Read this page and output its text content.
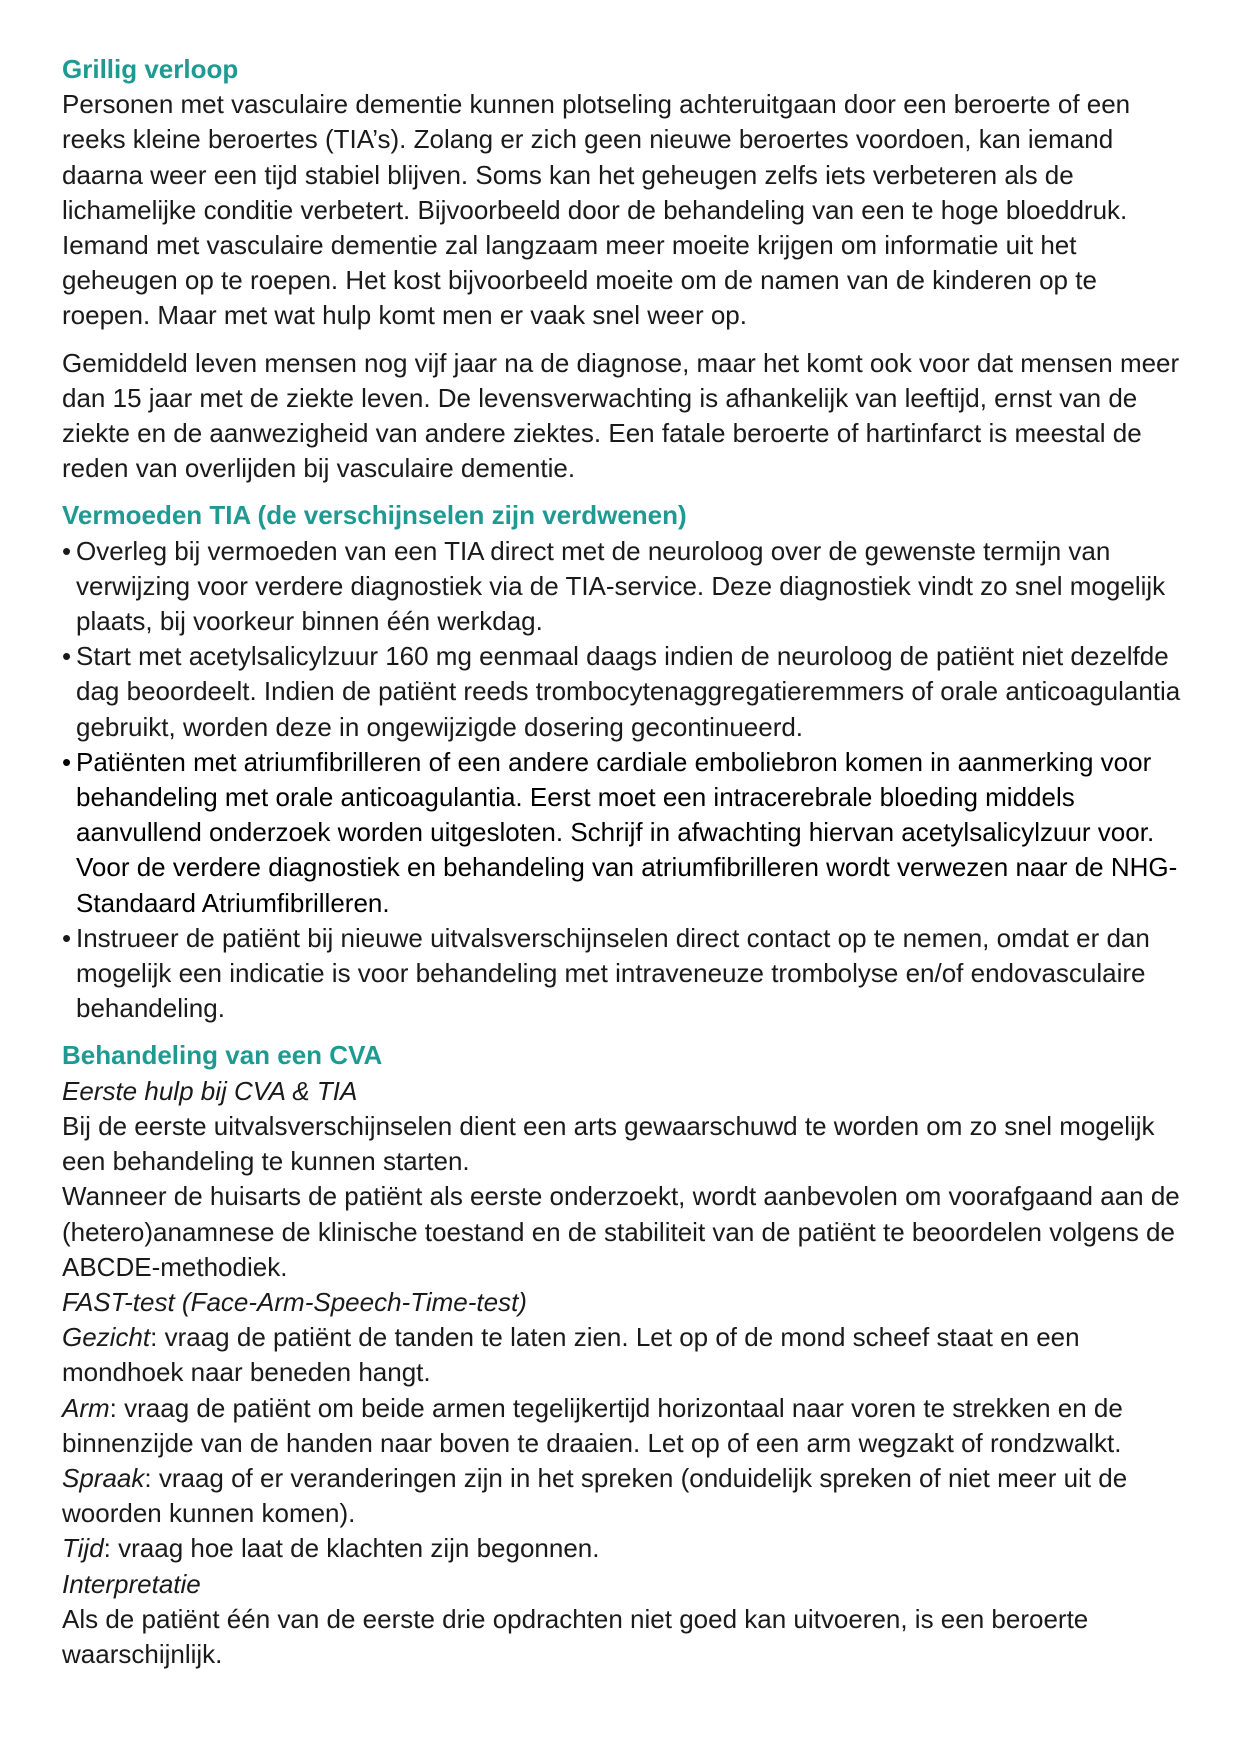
Grillig verloop

Personen met vasculaire dementie kunnen plotseling achteruitgaan door een beroerte of een reeks kleine beroertes (TIA’s). Zolang er zich geen nieuwe beroertes voordoen, kan iemand daarna weer een tijd stabiel blijven. Soms kan het geheugen zelfs iets verbeteren als de lichamelijke conditie verbetert. Bijvoorbeeld door de behandeling van een te hoge bloeddruk. Iemand met vasculaire dementie zal langzaam meer moeite krijgen om informatie uit het geheugen op te roepen. Het kost bijvoorbeeld moeite om de namen van de kinderen op te roepen. Maar met wat hulp komt men er vaak snel weer op.

Gemiddeld leven mensen nog vijf jaar na de diagnose, maar het komt ook voor dat mensen meer dan 15 jaar met de ziekte leven. De levensverwachting is afhankelijk van leeftijd, ernst van de ziekte en de aanwezigheid van andere ziektes. Een fatale beroerte of hartinfarct is meestal de reden van overlijden bij vasculaire dementie.

Vermoeden TIA (de verschijnselen zijn verdwenen)
• Overleg bij vermoeden van een TIA direct met de neuroloog over de gewenste termijn van verwijzing voor verdere diagnostiek via de TIA-service. Deze diagnostiek vindt zo snel mogelijk plaats, bij voorkeur binnen één werkdag.
• Start met acetylsalicylzuur 160 mg eenmaal daags indien de neuroloog de patiënt niet dezelfde dag beoordeelt. Indien de patiënt reeds trombocytenaggregatieremmers of orale anticoagulantia gebruikt, worden deze in ongewijzigde dosering gecontinueerd.
• Patiënten met atriumfibrilleren of een andere cardiale emboliebron komen in aanmerking voor behandeling met orale anticoagulantia. Eerst moet een intracerebrale bloeding middels aanvullend onderzoek worden uitgesloten. Schrijf in afwachting hiervan acetylsalicylzuur voor. Voor de verdere diagnostiek en behandeling van atriumfibrilleren wordt verwezen naar de NHG-Standaard Atriumfibrilleren.
• Instrueer de patiënt bij nieuwe uitvalsverschijnselen direct contact op te nemen, omdat er dan mogelijk een indicatie is voor behandeling met intraveneuze trombolyse en/of endovasculaire behandeling.
Behandeling van een CVA

Eerste hulp bij CVA & TIA

Bij de eerste uitvalsverschijnselen dient een arts gewaarschuwd te worden om zo snel mogelijk een behandeling te kunnen starten.

Wanneer de huisarts de patiënt als eerste onderzoekt, wordt aanbevolen om voorafgaand aan de (hetero)anamnese de klinische toestand en de stabiliteit van de patiënt te beoordelen volgens de ABCDE-methodiek.

FAST-test (Face-Arm-Speech-Time-test)

Gezicht: vraag de patiënt de tanden te laten zien. Let op of de mond scheef staat en een mondhoek naar beneden hangt.

Arm: vraag de patiënt om beide armen tegelijkertijd horizontaal naar voren te strekken en de binnenzijde van de handen naar boven te draaien. Let op of een arm wegzakt of rondzwalkt.

Spraak: vraag of er veranderingen zijn in het spreken (onduidelijk spreken of niet meer uit de woorden kunnen komen).

Tijd: vraag hoe laat de klachten zijn begonnen.

Interpretatie

Als de patiënt één van de eerste drie opdrachten niet goed kan uitvoeren, is een beroerte waarschijnlijk.
